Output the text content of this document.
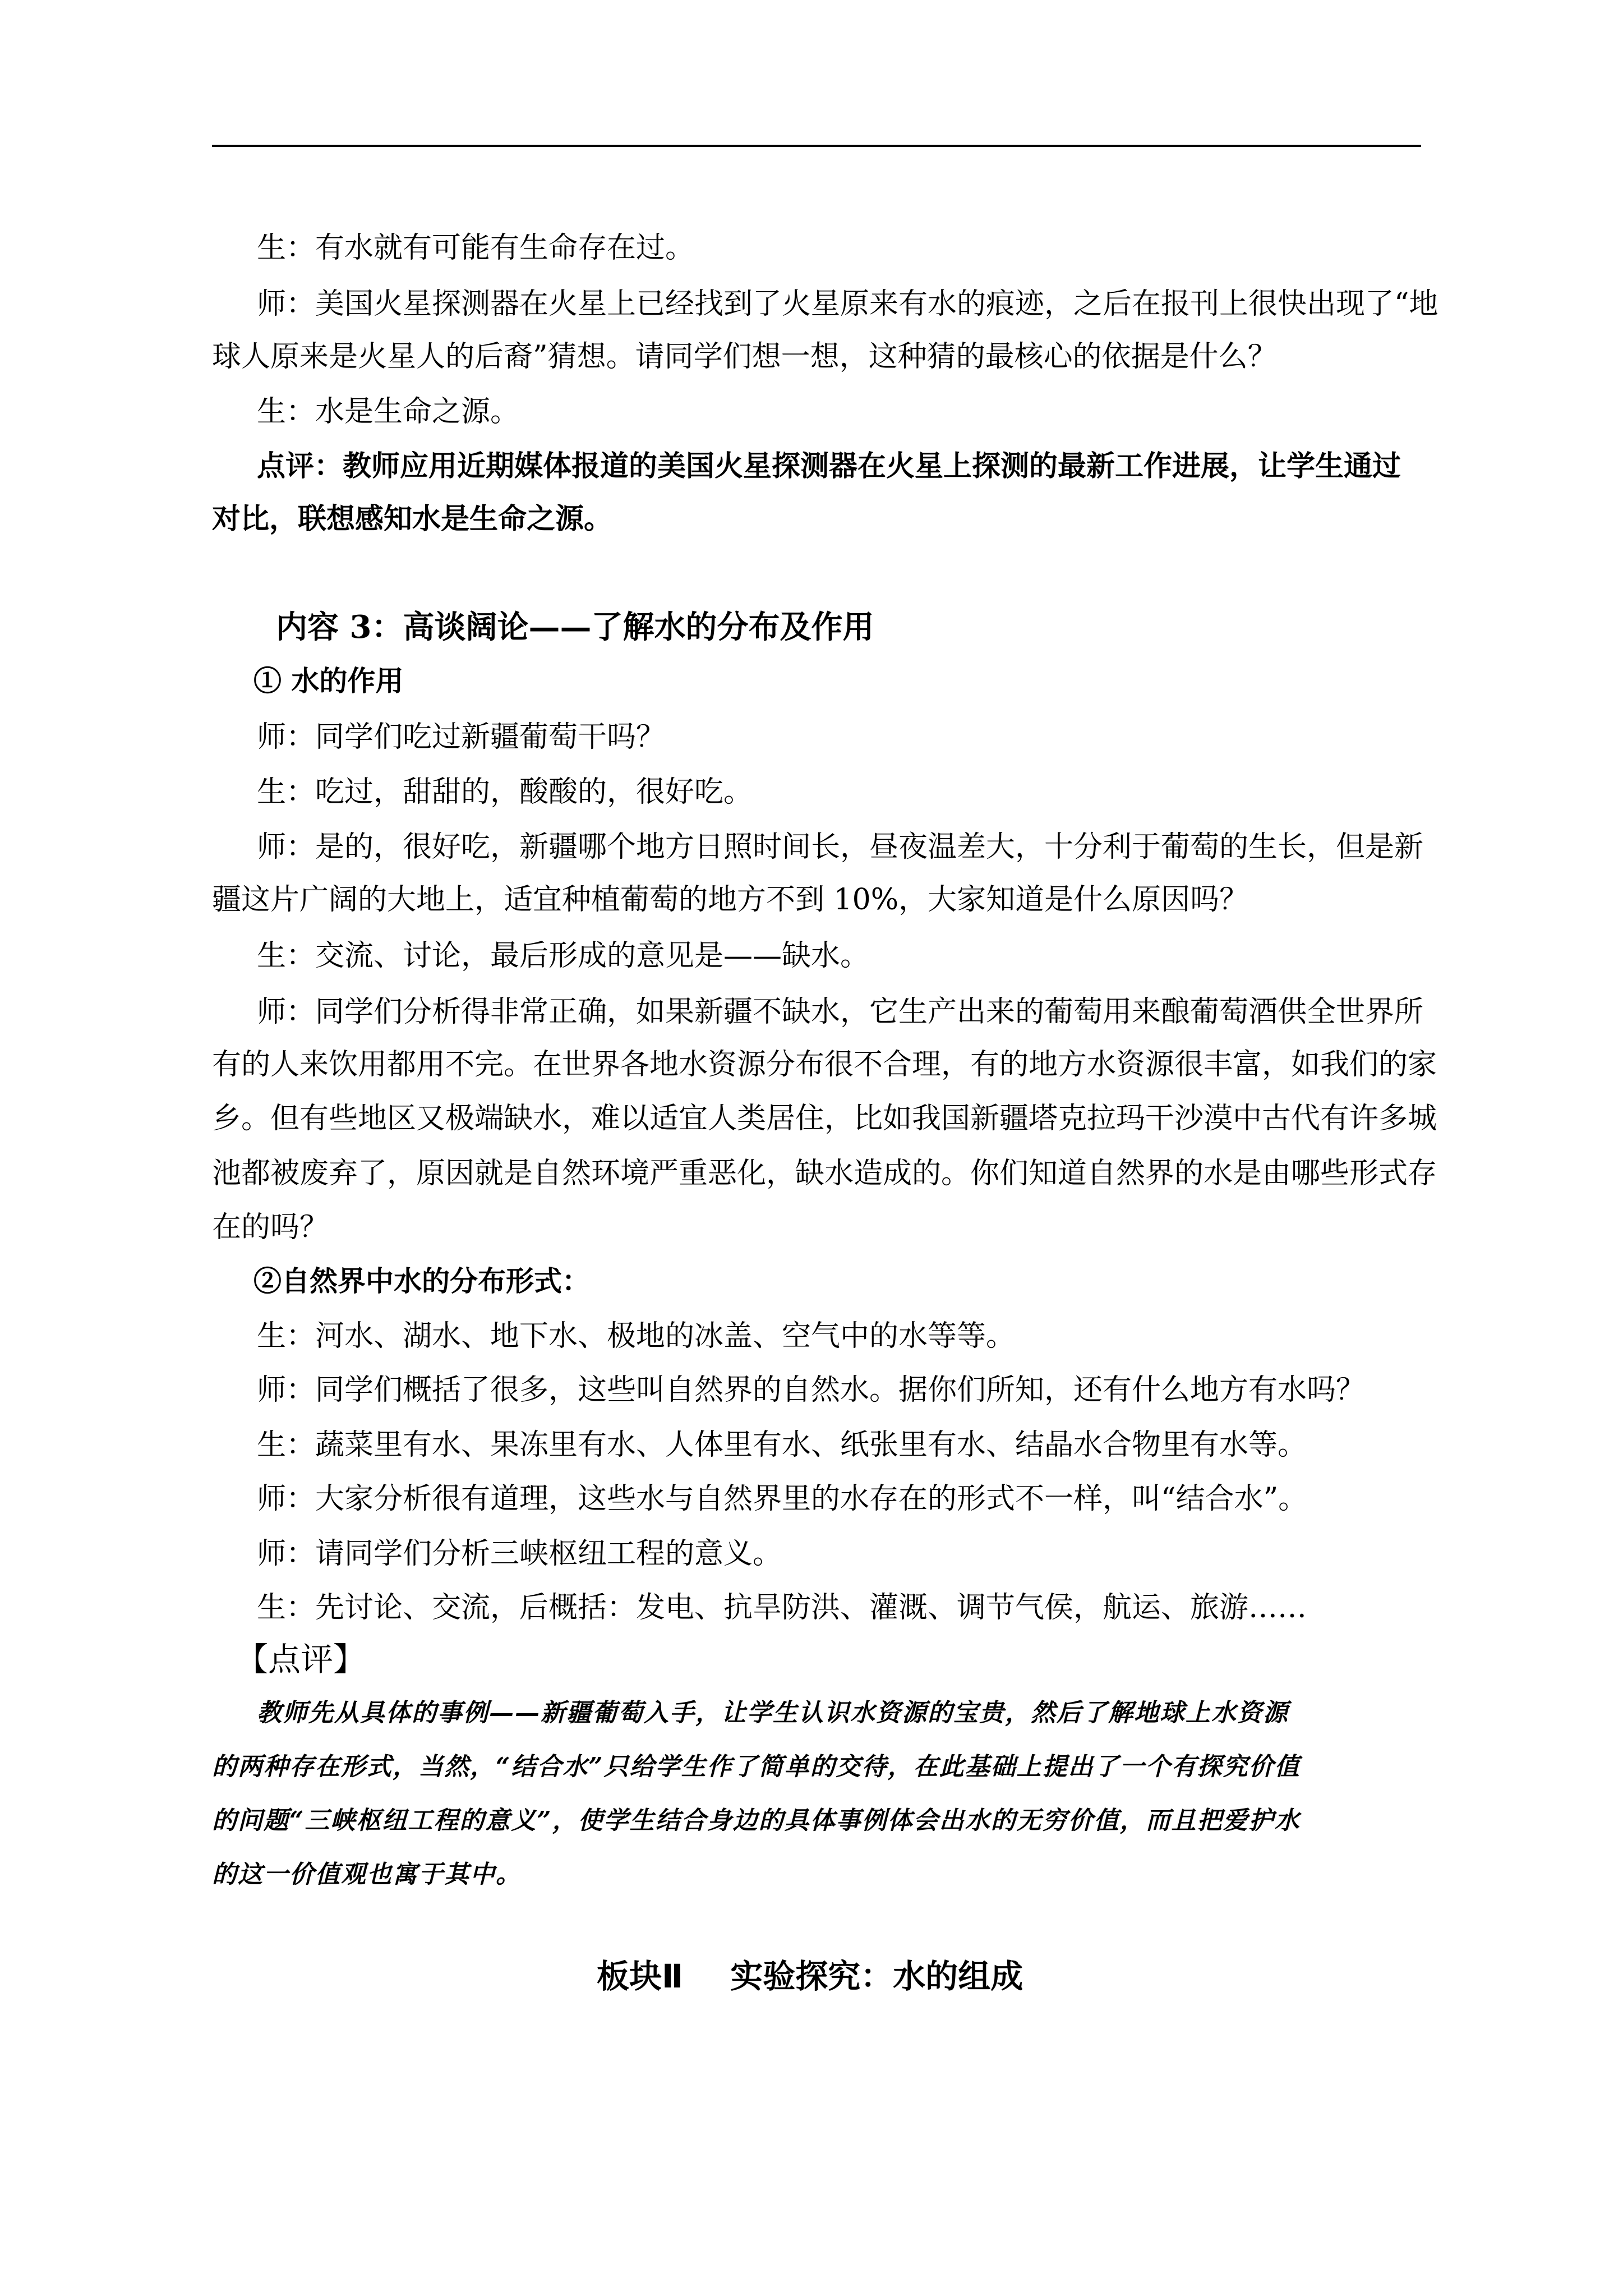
生：有水就有可能有生命存在过。
师：美国火星探测器在火星上已经找到了火星原来有水的痕迹，之后在报刊上很快出现了“地
球人原来是火星人的后裔”猜想。请同学们想一想，这种猜的最核心的依据是什么？
生：水是生命之源。
点评：教师应用近期媒体报道的美国火星探测器在火星上探测的最新工作进展，让学生通过
对比，联想感知水是生命之源。
内容 3：高谈阔论——了解水的分布及作用
① 水的作用
师：同学们吃过新疆葡萄干吗？
生：吃过，甜甜的，酸酸的，很好吃。
师：是的，很好吃，新疆哪个地方日照时间长，昼夜温差大，十分利于葡萄的生长，但是新
疆这片广阔的大地上，适宜种植葡萄的地方不到 10%，大家知道是什么原因吗？
生：交流、讨论，最后形成的意见是——缺水。
师：同学们分析得非常正确，如果新疆不缺水，它生产出来的葡萄用来酿葡萄酒供全世界所
有的人来饮用都用不完。在世界各地水资源分布很不合理，有的地方水资源很丰富，如我们的家
乡。但有些地区又极端缺水，难以适宜人类居住，比如我国新疆塔克拉玛干沙漠中古代有许多城
池都被废弃了，原因就是自然环境严重恶化，缺水造成的。你们知道自然界的水是由哪些形式存
在的吗？
②自然界中水的分布形式：
生：河水、湖水、地下水、极地的冰盖、空气中的水等等。
师：同学们概括了很多，这些叫自然界的自然水。据你们所知，还有什么地方有水吗？
生：蔬菜里有水、果冻里有水、人体里有水、纸张里有水、结晶水合物里有水等。
师：大家分析很有道理，这些水与自然界里的水存在的形式不一样，叫“结合水”。
师：请同学们分析三峡枢纽工程的意义。
生：先讨论、交流，后概括：发电、抗旱防洪、灌溉、调节气侯，航运、旅游……
【点评】
教师先从具体的事例——新疆葡萄入手，让学生认识水资源的宝贵，然后了解地球上水资源
的两种存在形式，当然，“结合水”只给学生作了简单的交待，在此基础上提出了一个有探究价值
的问题“三峡枢纽工程的意义”，使学生结合身边的具体事例体会出水的无穷价值，而且把爱护水
的这一价值观也寓于其中。
板块Ⅱ 实验探究：水的组成
